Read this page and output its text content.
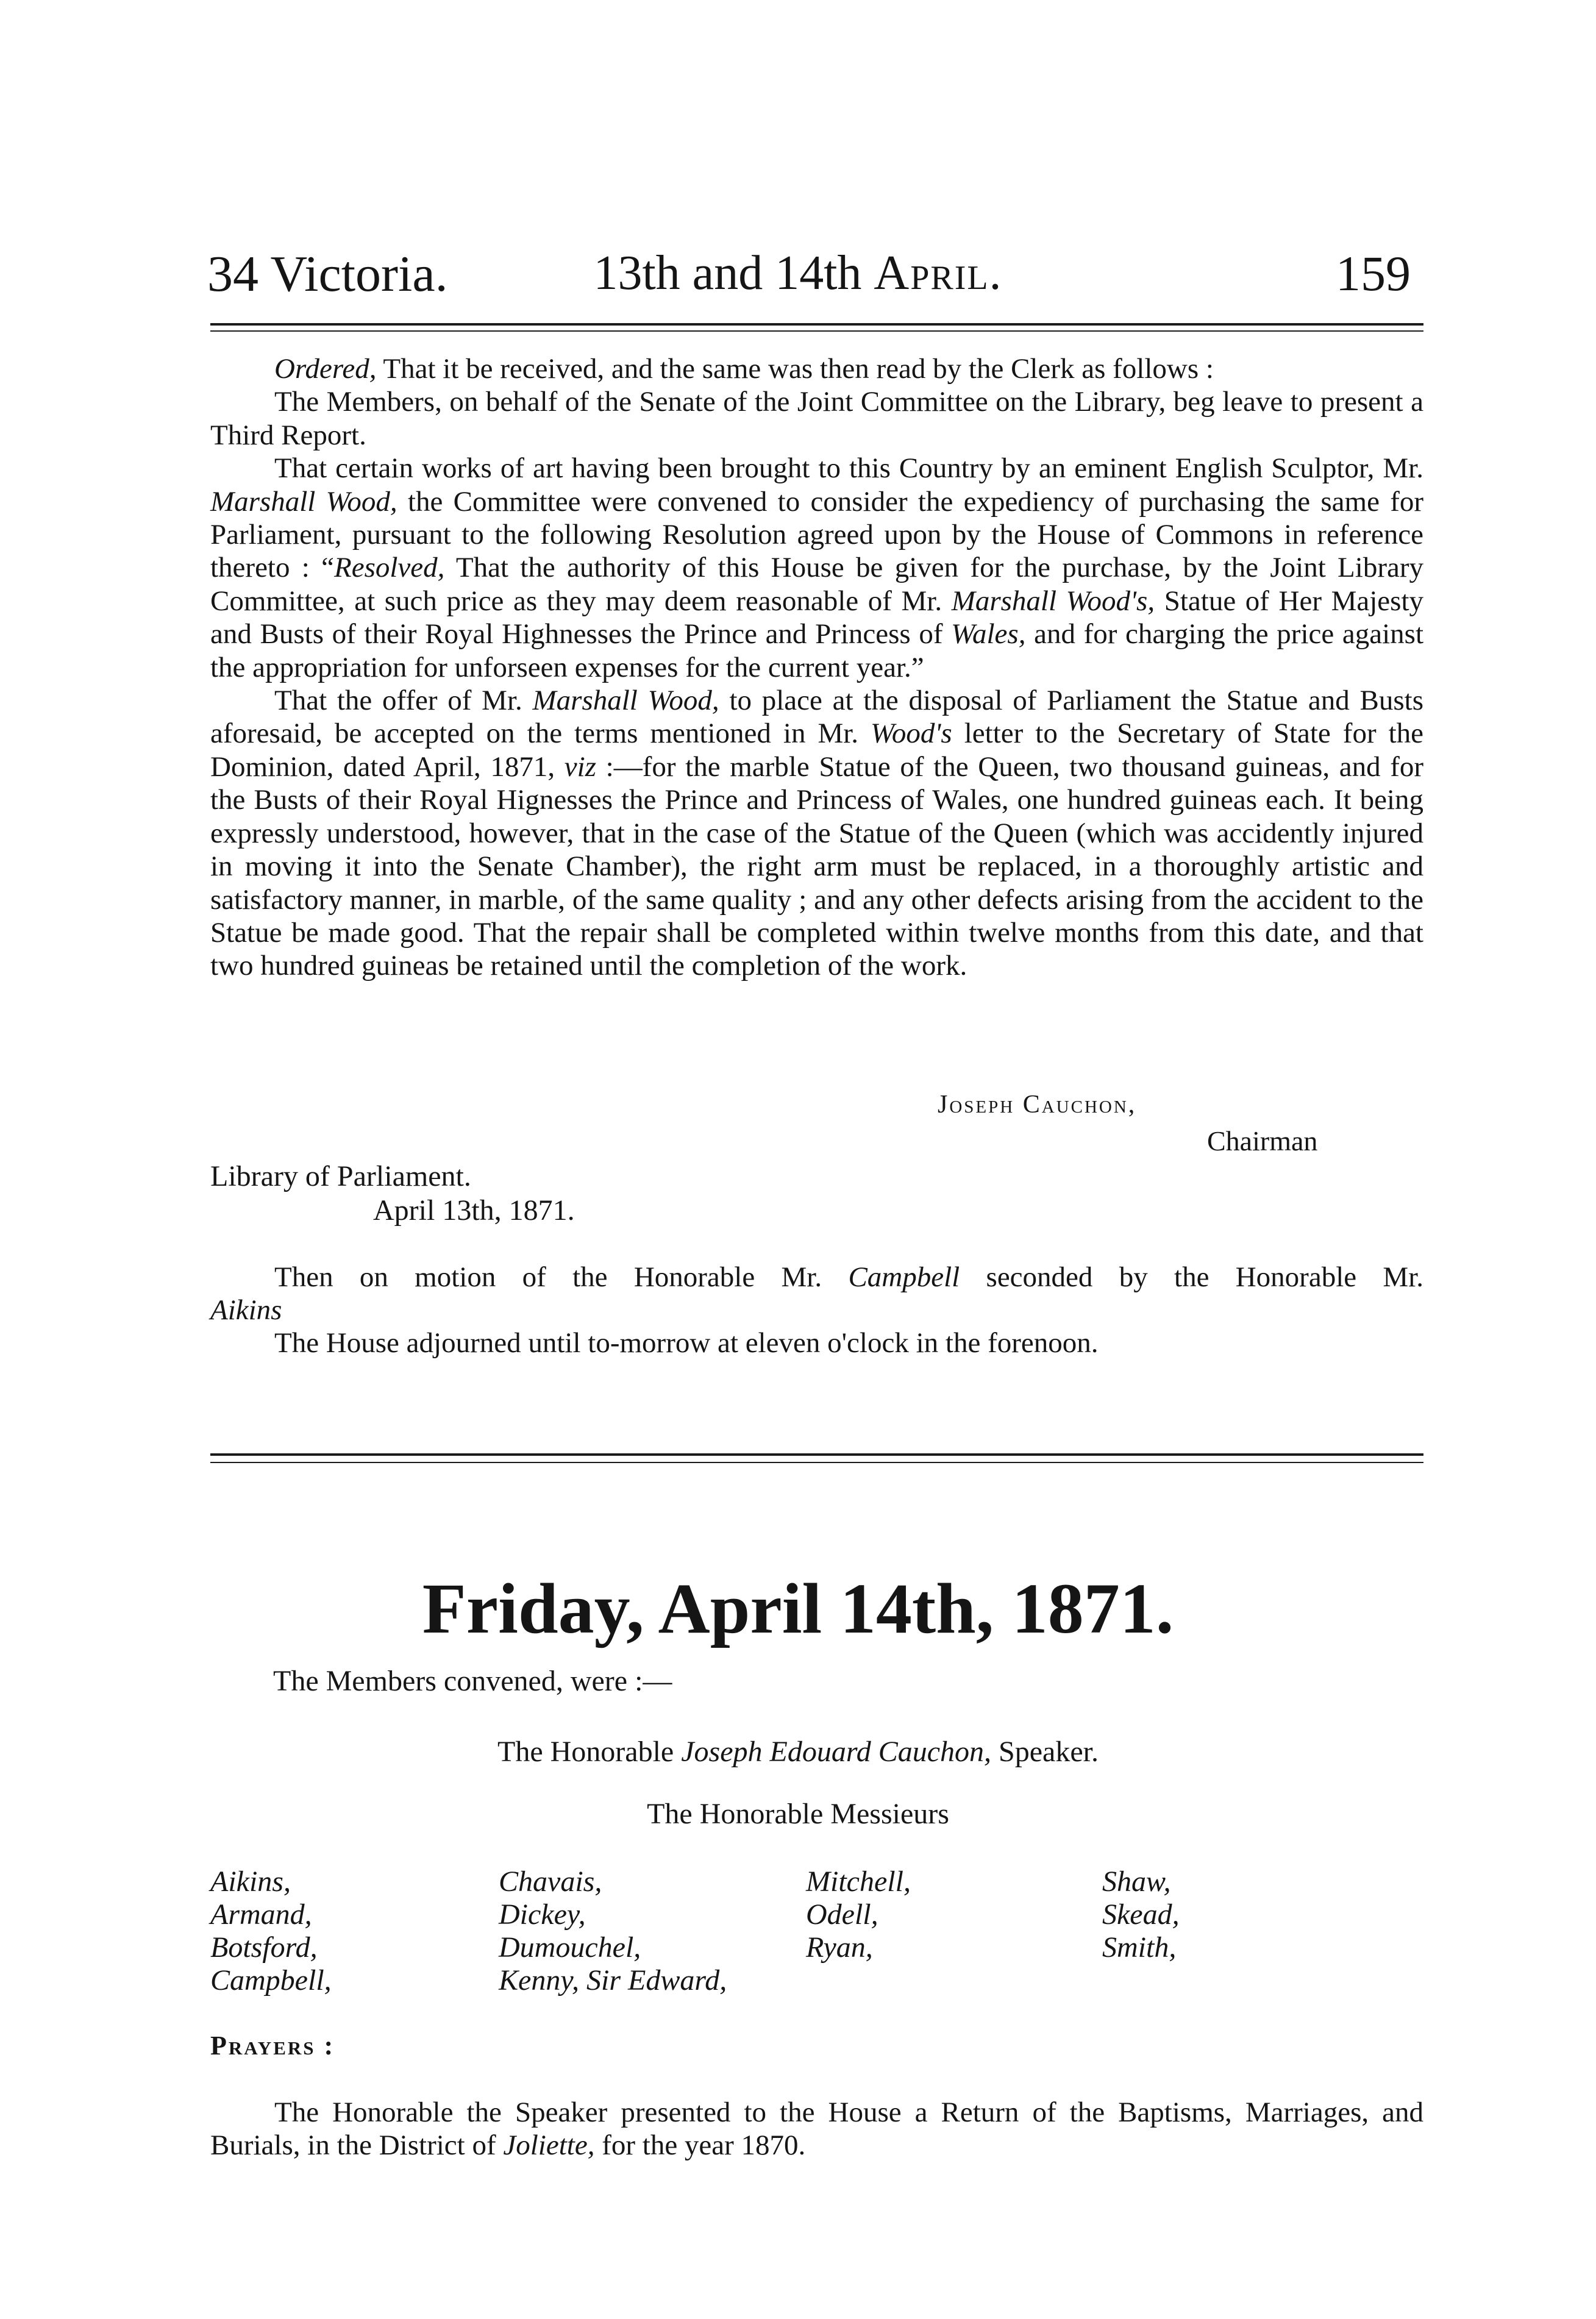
34 Victoria.	13th and 14th April.	159

Ordered, That it be received, and the same was then read by the Clerk as follows :

The Members, on behalf of the Senate of the Joint Committee on the Library, beg leave to present a Third Report.

That certain works of art having been brought to this Country by an eminent English Sculptor, Mr. Marshall Wood, the Committee were convened to consider the expediency of purchasing the same for Parliament, pursuant to the following Resolution agreed upon by the House of Commons in reference thereto : “Resolved, That the authority of this House be given for the purchase, by the Joint Library Committee, at such price as they may deem reasonable of Mr. Marshall Wood's, Statue of Her Majesty and Busts of their Royal Highnesses the Prince and Princess of Wales, and for charging the price against the appropriation for unforseen expenses for the current year.”

That the offer of Mr. Marshall Wood, to place at the disposal of Parliament the Statue and Busts aforesaid, be accepted on the terms mentioned in Mr. Wood's letter to the Secretary of State for the Dominion, dated April, 1871, viz :—for the marble Statue of the Queen, two thousand guineas, and for the Busts of their Royal Hignesses the Prince and Princess of Wales, one hundred guineas each. It being expressly understood, however, that in the case of the Statue of the Queen (which was accidently injured in moving it into the Senate Chamber), the right arm must be replaced, in a thoroughly artistic and satisfactory manner, in marble, of the same quality ; and any other defects arising from the accident to the Statue be made good. That the repair shall be completed within twelve months from this date, and that two hundred guineas be retained until the completion of the work.

Joseph Cauchon,
Chairman
Library of Parliament.
April 13th, 1871.

Then on motion of the Honorable Mr. Campbell seconded by the Honorable Mr.

Aikins

The House adjourned until to-morrow at eleven o'clock in the forenoon.

Friday, April 14th, 1871.
The Members convened, were :—
The Honorable Joseph Edouard Cauchon, Speaker.
The Honorable Messieurs
Aikins,
Armand,
Botsford,
Campbell,
Chavais,
Dickey,
Dumouchel,
Kenny, Sir Edward,
Mitchell,
Odell,
Ryan,
Shaw,
Skead,
Smith,
Prayers :

The Honorable the Speaker presented to the House a Return of the Baptisms, Marriages, and Burials, in the District of Joliette, for the year 1870.
